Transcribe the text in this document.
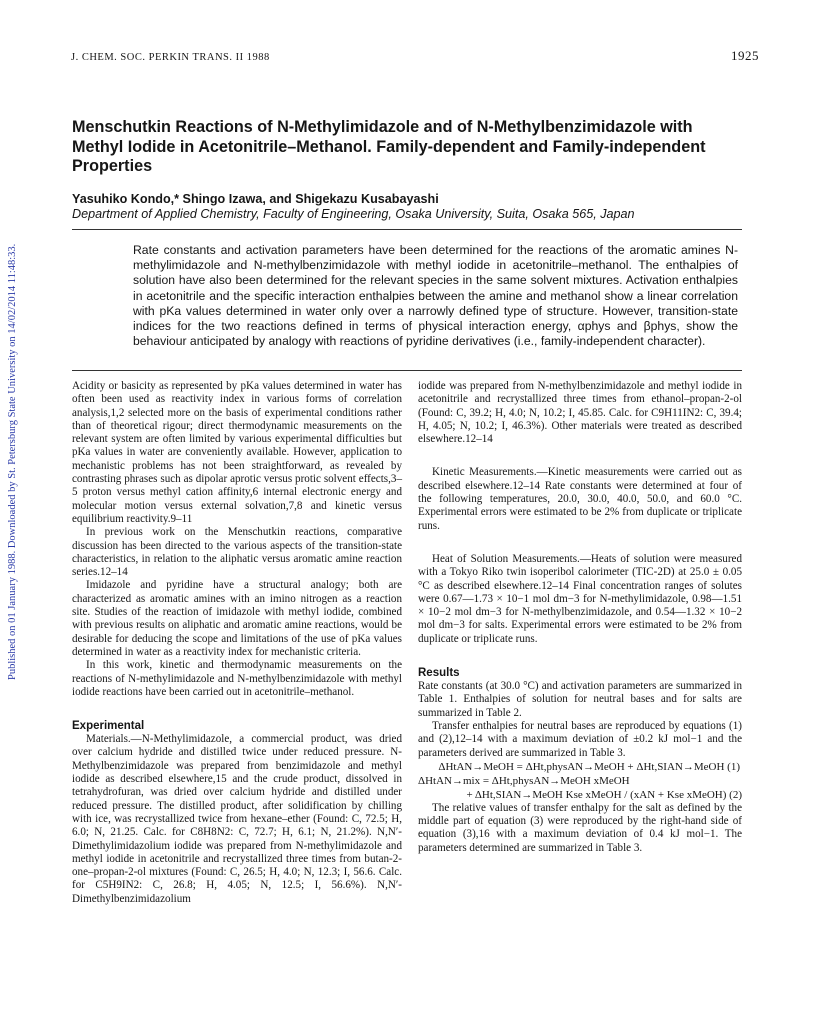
J. CHEM. SOC. PERKIN TRANS. II 1988	1925
Published on 01 January 1988. Downloaded by St. Petersburg State University on 14/02/2014 11:48:33.
Menschutkin Reactions of N-Methylimidazole and of N-Methylbenzimidazole with Methyl Iodide in Acetonitrile–Methanol. Family-dependent and Family-independent Properties
Yasuhiko Kondo,* Shingo Izawa, and Shigekazu Kusabayashi
Department of Applied Chemistry, Faculty of Engineering, Osaka University, Suita, Osaka 565, Japan

Rate constants and activation parameters have been determined for the reactions of the aromatic amines N-methylimidazole and N-methylbenzimidazole with methyl iodide in acetonitrile–methanol. The enthalpies of solution have also been determined for the relevant species in the same solvent mixtures. Activation enthalpies in acetonitrile and the specific interaction enthalpies between the amine and methanol show a linear correlation with pKa values determined in water only over a narrowly defined type of structure. However, transition-state indices for the two reactions defined in terms of physical interaction energy, αphys and βphys, show the behaviour anticipated by analogy with reactions of pyridine derivatives (i.e., family-independent character).

Acidity or basicity as represented by pKa values determined in water has often been used as reactivity index in various forms of correlation analysis,1,2 selected more on the basis of experimental conditions rather than of theoretical rigour; direct thermodynamic measurements on the relevant system are often limited by various experimental difficulties but pKa values in water are conveniently available. However, application to mechanistic problems has not been straightforward, as revealed by contrasting phrases such as dipolar aprotic versus protic solvent effects,3–5 proton versus methyl cation affinity,6 internal electronic energy and molecular motion versus external solvation,7,8 and kinetic versus equilibrium reactivity.9–11

In previous work on the Menschutkin reactions, comparative discussion has been directed to the various aspects of the transition-state characteristics, in relation to the aliphatic versus aromatic amine reaction series.12–14

Imidazole and pyridine have a structural analogy; both are characterized as aromatic amines with an imino nitrogen as a reaction site. Studies of the reaction of imidazole with methyl iodide, combined with previous results on aliphatic and aromatic amine reactions, would be desirable for deducing the scope and limitations of the use of pKa values determined in water as a reactivity index for mechanistic criteria.

In this work, kinetic and thermodynamic measurements on the reactions of N-methylimidazole and N-methylbenzimidazole with methyl iodide reactions have been carried out in acetonitrile–methanol.

Experimental

Materials.—N-Methylimidazole, a commercial product, was dried over calcium hydride and distilled twice under reduced pressure. N-Methylbenzimidazole was prepared from benzimidazole and methyl iodide as described elsewhere,15 and the crude product, dissolved in tetrahydrofuran, was dried over calcium hydride and distilled under reduced pressure. The distilled product, after solidification by chilling with ice, was recrystallized twice from hexane–ether (Found: C, 72.5; H, 6.0; N, 21.25. Calc. for C8H8N2: C, 72.7; H, 6.1; N, 21.2%). N,N′-Dimethylimidazolium iodide was prepared from N-methylimidazole and methyl iodide in acetonitrile and recrystallized three times from butan-2-one–propan-2-ol mixtures (Found: C, 26.5; H, 4.0; N, 12.3; I, 56.6. Calc. for C5H9IN2: C, 26.8; H, 4.05; N, 12.5; I, 56.6%). N,N′-Dimethylbenzimidazolium

iodide was prepared from N-methylbenzimidazole and methyl iodide in acetonitrile and recrystallized three times from ethanol–propan-2-ol (Found: C, 39.2; H, 4.0; N, 10.2; I, 45.85. Calc. for C9H11IN2: C, 39.4; H, 4.05; N, 10.2; I, 46.3%). Other materials were treated as described elsewhere.12–14

Kinetic Measurements.—Kinetic measurements were carried out as described elsewhere.12–14 Rate constants were determined at four of the following temperatures, 20.0, 30.0, 40.0, 50.0, and 60.0 °C. Experimental errors were estimated to be 2% from duplicate or triplicate runs.

Heat of Solution Measurements.—Heats of solution were measured with a Tokyo Riko twin isoperibol calorimeter (TIC-2D) at 25.0 ± 0.05 °C as described elsewhere.12–14 Final concentration ranges of solutes were 0.67—1.73 × 10−1 mol dm−3 for N-methylimidazole, 0.98—1.51 × 10−2 mol dm−3 for N-methylbenzimidazole, and 0.54—1.32 × 10−2 mol dm−3 for salts. Experimental errors were estimated to be 2% from duplicate or triplicate runs.

Results

Rate constants (at 30.0 °C) and activation parameters are summarized in Table 1. Enthalpies of solution for neutral bases and for salts are summarized in Table 2.

Transfer enthalpies for neutral bases are reproduced by equations (1) and (2),12–14 with a maximum deviation of ±0.2 kJ mol−1 and the parameters derived are summarized in Table 3.

ΔHtAN→MeOH = ΔHt,physAN→MeOH + ΔHt,SIAN→MeOH (1)

ΔHtAN→mix = ΔHt,physAN→MeOH xMeOH

+ ΔHt,SIAN→MeOH Kse xMeOH / (xAN + Kse xMeOH) (2)

The relative values of transfer enthalpy for the salt as defined by the middle part of equation (3) were reproduced by the right-hand side of equation (3),16 with a maximum deviation of 0.4 kJ mol−1. The parameters determined are summarized in Table 3.
